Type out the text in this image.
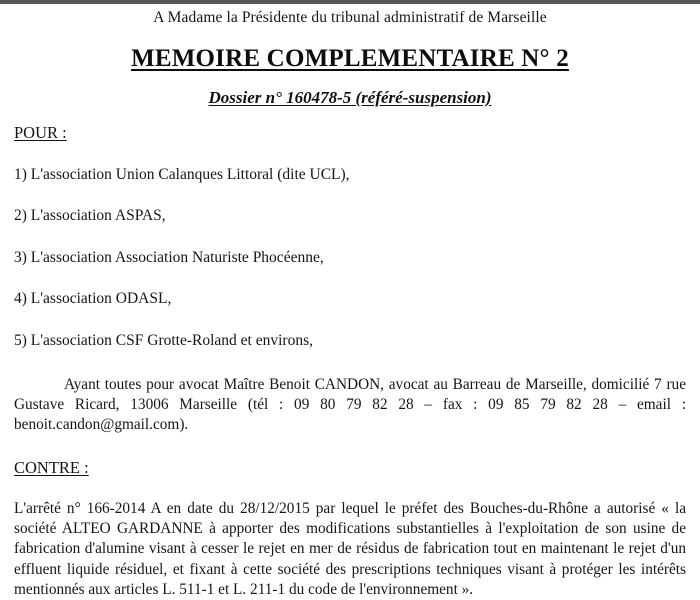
A Madame la Présidente du tribunal administratif de Marseille
MEMOIRE COMPLEMENTAIRE N° 2
Dossier n° 160478-5 (référé-suspension)
POUR :
1) L'association Union Calanques Littoral (dite UCL),
2) L'association ASPAS,
3) L'association Association Naturiste Phocéenne,
4) L'association ODASL,
5) L'association CSF Grotte-Roland et environs,

Ayant toutes pour avocat Maître Benoit CANDON, avocat au Barreau de Marseille, domicilié 7 rue Gustave Ricard, 13006 Marseille (tél : 09 80 79 82 28 – fax : 09 85 79 82 28 – email : benoit.candon@gmail.com).

CONTRE :

L'arrêté n° 166-2014 A en date du 28/12/2015 par lequel le préfet des Bouches-du-Rhône a autorisé « la société ALTEO GARDANNE à apporter des modifications substantielles à l'exploitation de son usine de fabrication d'alumine visant à cesser le rejet en mer de résidus de fabrication tout en maintenant le rejet d'un effluent liquide résiduel, et fixant à cette société des prescriptions techniques visant à protéger les intérêts mentionnés aux articles L. 511-1 et L. 211-1 du code de l'environnement ».
